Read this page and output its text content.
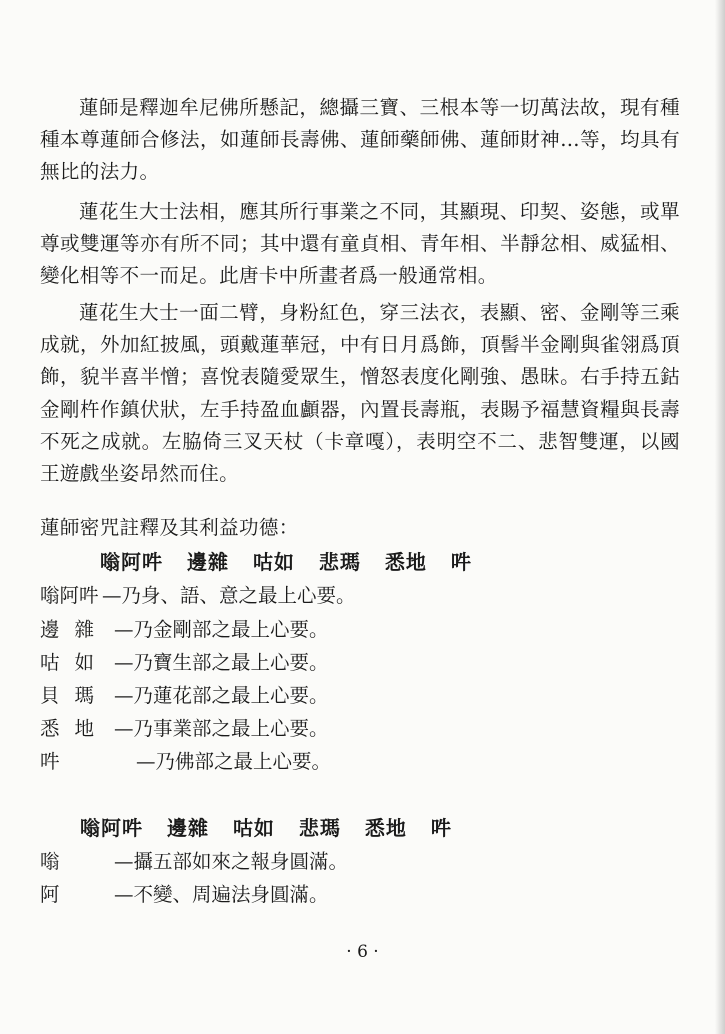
蓮師是釋迦牟尼佛所懸記，總攝三寶、三根本等一切萬法故，現有種種本尊蓮師合修法，如蓮師長壽佛、蓮師藥師佛、蓮師財神…等，均具有無比的法力。

蓮花生大士法相，應其所行事業之不同，其顯現、印契、姿態，或單尊或雙運等亦有所不同；其中還有童貞相、青年相、半靜忿相、威猛相、變化相等不一而足。此唐卡中所畫者爲一般通常相。

蓮花生大士一面二臂，身粉紅色，穿三法衣，表顯、密、金剛等三乘成就，外加紅披風，頭戴蓮華冠，中有日月爲飾，頂髻半金剛與雀翎爲頂飾，貌半喜半憎；喜悅表隨愛眾生，憎怒表度化剛強、愚昧。右手持五鈷金剛杵作鎮伏狀，左手持盈血顱器，內置長壽瓶，表賜予福慧資糧與長壽不死之成就。左脇倚三叉天杖（卡章嘎），表明空不二、悲智雙運，以國王遊戲坐姿昂然而住。

蓮師密咒註釋及其利益功德：
嗡阿吽 邊雜 咕如 悲瑪 悉地 吽
嗡阿吽 —乃身、語、意之最上心要。
邊雜 —乃金剛部之最上心要。
咕如 —乃寶生部之最上心要。
貝瑪 —乃蓮花部之最上心要。
悉地 —乃事業部之最上心要。
吽	—乃佛部之最上心要。
嗡阿吽 邊雜 咕如 悲瑪 悉地 吽
嗡	—攝五部如來之報身圓滿。
阿	—不變、周遍法身圓滿。
· 6 ·
